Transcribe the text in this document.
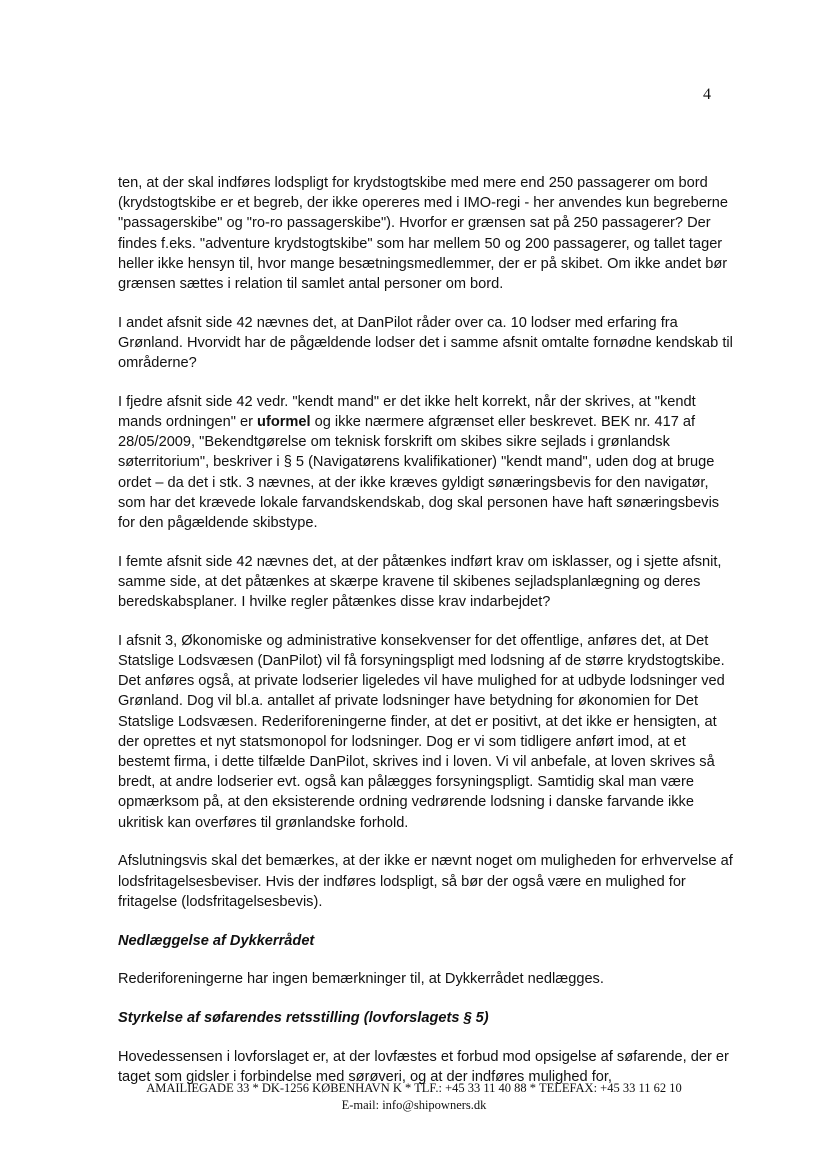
4

ten, at der skal indføres lodspligt for krydstogtskibe med mere end 250 passagerer om bord (krydstogtskibe er et begreb, der ikke opereres med i IMO-regi - her anvendes kun begreberne "passagerskibe" og "ro-ro passagerskibe"). Hvorfor er grænsen sat på 250 passagerer? Der findes f.eks. "adventure krydstogtskibe" som har mellem 50 og 200 passagerer, og tallet tager heller ikke hensyn til, hvor mange besætningsmedlemmer, der er på skibet. Om ikke andet bør grænsen sættes i relation til samlet antal personer om bord.

I andet afsnit side 42 nævnes det, at DanPilot råder over ca. 10 lodser med erfaring fra Grønland. Hvorvidt har de pågældende lodser det i samme afsnit omtalte fornødne kendskab til områderne?

I fjedre afsnit side 42 vedr. "kendt mand" er det ikke helt korrekt, når der skrives, at "kendt mands ordningen" er uformel og ikke nærmere afgrænset eller beskrevet. BEK nr. 417 af 28/05/2009, "Bekendtgørelse om teknisk forskrift om skibes sikre sejlads i grønlandsk søterritorium", beskriver i § 5 (Navigatørens kvalifikationer) "kendt mand", uden dog at bruge ordet – da det i stk. 3 nævnes, at der ikke kræves gyldigt sønæringsbevis for den navigatør, som har det krævede lokale farvandskendskab, dog skal personen have haft sønæringsbevis for den pågældende skibstype.

I femte afsnit side 42 nævnes det, at der påtænkes indført krav om isklasser, og i sjette afsnit, samme side, at det påtænkes at skærpe kravene til skibenes sejladsplanlægning og deres beredskabsplaner. I hvilke regler påtænkes disse krav indarbejdet?

I afsnit 3, Økonomiske og administrative konsekvenser for det offentlige, anføres det, at Det Statslige Lodsvæsen (DanPilot) vil få forsyningspligt med lodsning af de større krydstogtskibe. Det anføres også, at private lodserier ligeledes vil have mulighed for at udbyde lodsninger ved Grønland. Dog vil bl.a. antallet af private lodsninger have betydning for økonomien for Det Statslige Lodsvæsen. Rederiforeningerne finder, at det er positivt, at det ikke er hensigten, at der oprettes et nyt statsmonopol for lodsninger. Dog er vi som tidligere anført imod, at et bestemt firma, i dette tilfælde DanPilot, skrives ind i loven. Vi vil anbefale, at loven skrives så bredt, at andre lodserier evt. også kan pålægges forsyningspligt. Samtidig skal man være opmærksom på, at den eksisterende ordning vedrørende lodsning i danske farvande ikke ukritisk kan overføres til grønlandske forhold.

Afslutningsvis skal det bemærkes, at der ikke er nævnt noget om muligheden for erhvervelse af lodsfritagelsesbeviser. Hvis der indføres lodspligt, så bør der også være en mulighed for fritagelse (lodsfritagelsesbevis).

Nedlæggelse af Dykkerrådet

Rederiforeningerne har ingen bemærkninger til, at Dykkerrådet nedlægges.

Styrkelse af søfarendes retsstilling (lovforslagets § 5)

Hovedessensen i lovforslaget er, at der lovfæstes et forbud mod opsigelse af søfarende, der er taget som gidsler i forbindelse med sørøveri, og at der indføres mulighed for,

AMAILIEGADE 33 * DK-1256 KØBENHAVN K * TLF.: +45 33 11 40 88 * TELEFAX: +45 33 11 62 10
E-mail: info@shipowners.dk
